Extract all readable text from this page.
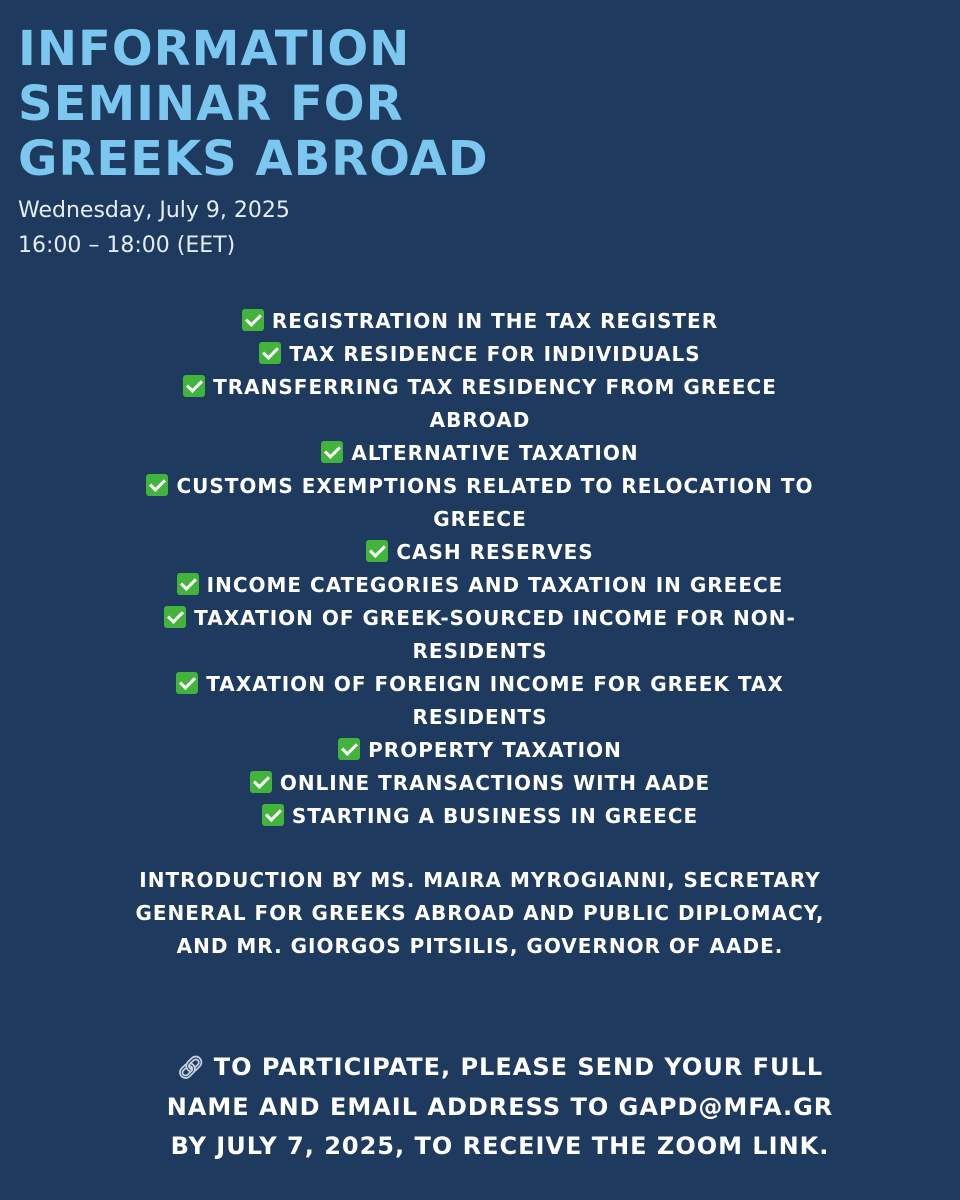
INFORMATION
SEMINAR FOR
GREEKS ABROAD
Wednesday, July 9, 2025
16:00 – 18:00 (EET)
REGISTRATION IN THE TAX REGISTER
TAX RESIDENCE FOR INDIVIDUALS
TRANSFERRING TAX RESIDENCY FROM GREECE ABROAD
ALTERNATIVE TAXATION
CUSTOMS EXEMPTIONS RELATED TO RELOCATION TO GREECE
CASH RESERVES
INCOME CATEGORIES AND TAXATION IN GREECE
TAXATION OF GREEK-SOURCED INCOME FOR NON-RESIDENTS
TAXATION OF FOREIGN INCOME FOR GREEK TAX RESIDENTS
PROPERTY TAXATION
ONLINE TRANSACTIONS WITH AADE
STARTING A BUSINESS IN GREECE
INTRODUCTION BY MS. MAIRA MYROGIANNI, SECRETARY GENERAL FOR GREEKS ABROAD AND PUBLIC DIPLOMACY, AND MR. GIORGOS PITSILIS, GOVERNOR OF AADE.
🔗︎ TO PARTICIPATE, PLEASE SEND YOUR FULL NAME AND EMAIL ADDRESS TO GAPD@MFA.GR BY JULY 7, 2025, TO RECEIVE THE ZOOM LINK.
